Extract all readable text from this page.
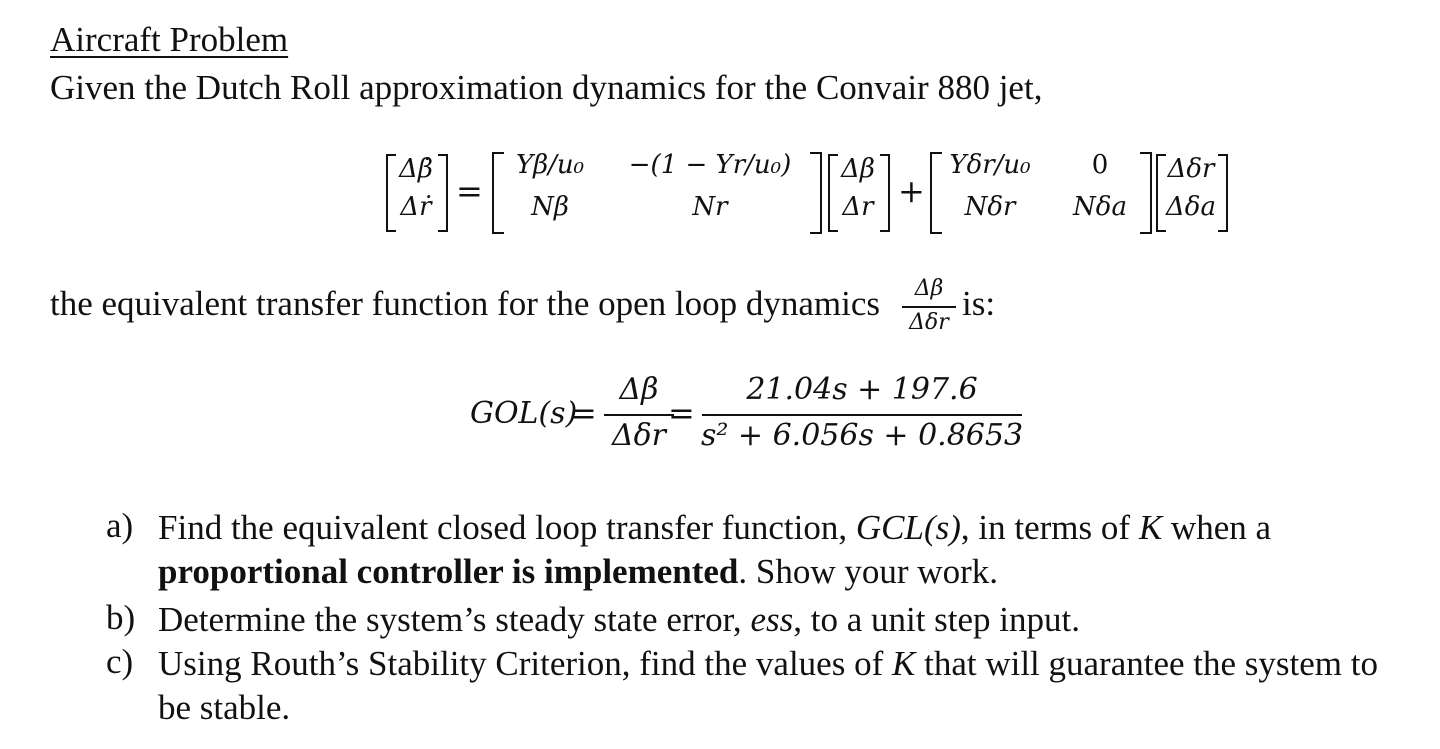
Aircraft Problem
Given the Dutch Roll approximation dynamics for the Convair 880 jet,
Δβ̇
Δṙ =
Yβ/u₀	−(1 − Yr/u₀)
Nβ	Nr
Δβ
Δr +
Yδr/u₀	0
Nδr	Nδa
Δδr
Δδa
the equivalent transfer function for the open loop dynamics	Δβ
Δδr is:
GOL(s)
=
Δβ
Δδr
=
21.04s + 197.6
s² + 6.056s + 0.8653
a) Find the equivalent closed loop transfer function, GCL(s), in terms of K when a proportional controller is implemented. Show your work.
b) Determine the system’s steady state error, ess, to a unit step input.
c) Using Routh’s Stability Criterion, find the values of K that will guarantee the system to be stable.
